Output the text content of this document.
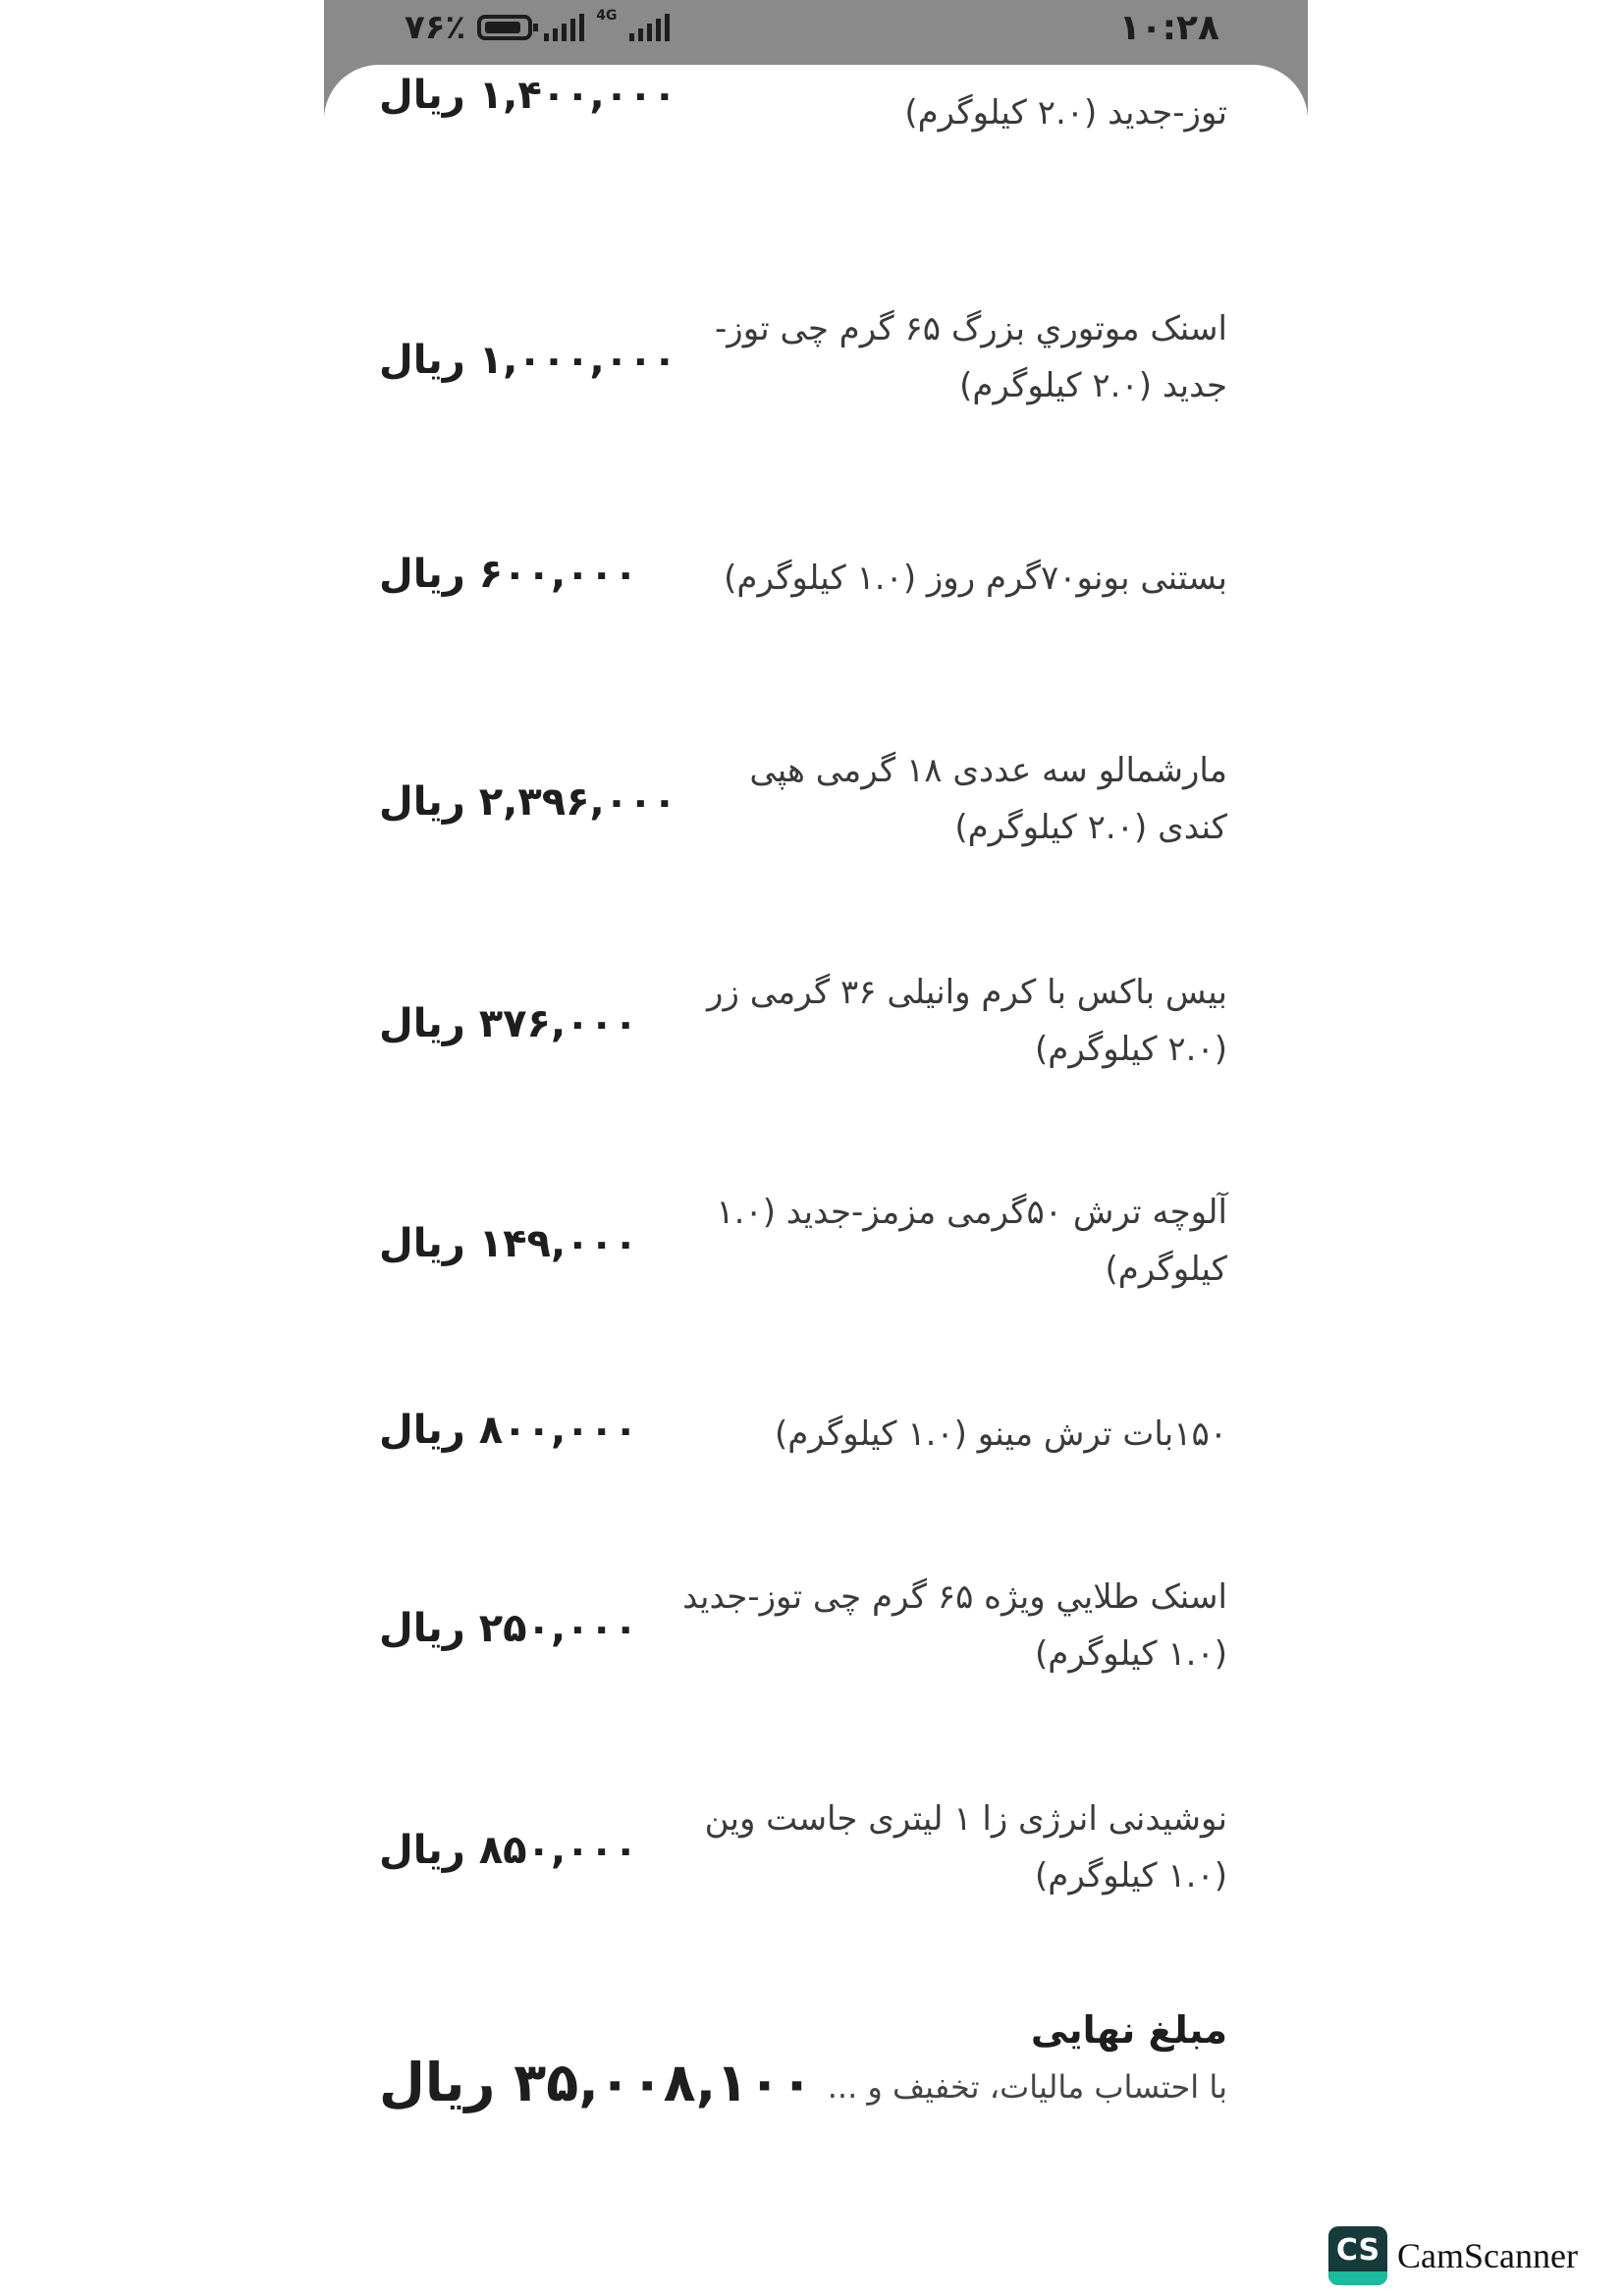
۷۶٪	4G	۱۰:۲۸
توز-جدید (۲.۰ کیلوگرم)
۱,۴۰۰,۰۰۰ ریال
اسنک موتوري بزرگ ۶۵ گرم چی توز-جدید (۲.۰ کیلوگرم)
۱,۰۰۰,۰۰۰ ریال
بستنی بونو۷۰گرم روز (۱.۰ کیلوگرم)
۶۰۰,۰۰۰ ریال
مارشمالو سه عددی ۱۸ گرمی هپی کندی (۲.۰ کیلوگرم)
۲,۳۹۶,۰۰۰ ریال
بیس باکس با کرم وانیلی ۳۶ گرمی زر (۲.۰ کیلوگرم)
۳۷۶,۰۰۰ ریال
آلوچه ترش ۵۰گرمی مزمز-جدید (۱.۰ کیلوگرم)
۱۴۹,۰۰۰ ریال
۱۵۰بات ترش مینو (۱.۰ کیلوگرم)
۸۰۰,۰۰۰ ریال
اسنک طلايي ویژه ۶۵ گرم چی توز-جدید (۱.۰ کیلوگرم)
۲۵۰,۰۰۰ ریال
نوشیدنی انرژی زا ۱ لیتری جاست وین (۱.۰ کیلوگرم)
۸۵۰,۰۰۰ ریال
مبلغ نهایی
با احتساب مالیات، تخفیف و ...
۳۵,۰۰۸,۱۰۰ ریال
CS CamScanner
